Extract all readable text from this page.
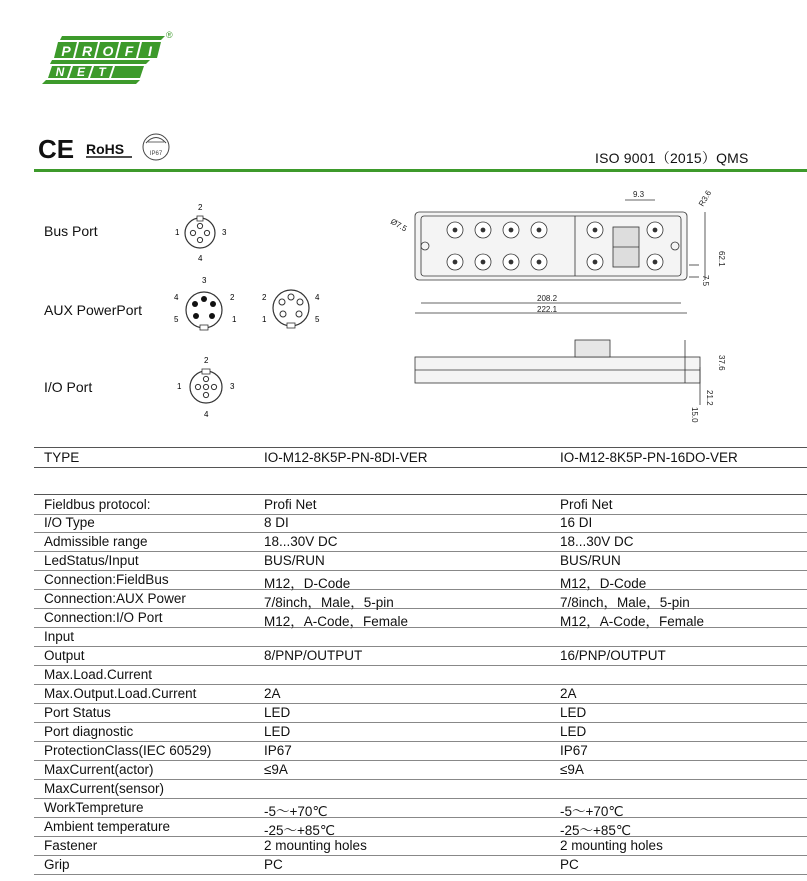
P R O F I
N E T
®
CE RoHS	IP67	ISO 9001（2015）QMS
Bus Port
AUX PowerPort
I/O Port
1
2
3
4
1
2
3
4
5	1
2	4
5
1
2
3
4
9.3	R3.6
62.1
Ø7.5
7.5
208.2
222.1
37.6
21.2
15.0
TYPE	IO-M12-8K5P-PN-8DI-VER	IO-M12-8K5P-PN-16DO-VER
Fieldbus protocol:	Profi Net	Profi Net
I/O Type	8 DI	16 DI
Admissible range	18...30V DC	18...30V DC
LedStatus/Input	BUS/RUN	BUS/RUN
Connection:FieldBus	M12，D-Code	M12，D-Code
Connection:AUX Power	7/8inch，Male，5-pin	7/8inch，Male，5-pin
Connection:I/O Port	M12，A-Code，Female	M12，A-Code，Female
Input
Output	8/PNP/OUTPUT	16/PNP/OUTPUT
Max.Load.Current
Max.Output.Load.Current	2A	2A
Port Status	LED	LED
Port diagnostic	LED	LED
ProtectionClass(IEC 60529)	IP67	IP67
MaxCurrent(actor)	≤9A	≤9A
MaxCurrent(sensor)
WorkTempreture	-5～+70℃	-5～+70℃
Ambient temperature	-25～+85℃	-25～+85℃
Fastener	2 mounting holes	2 mounting holes
Grip	PC	PC
